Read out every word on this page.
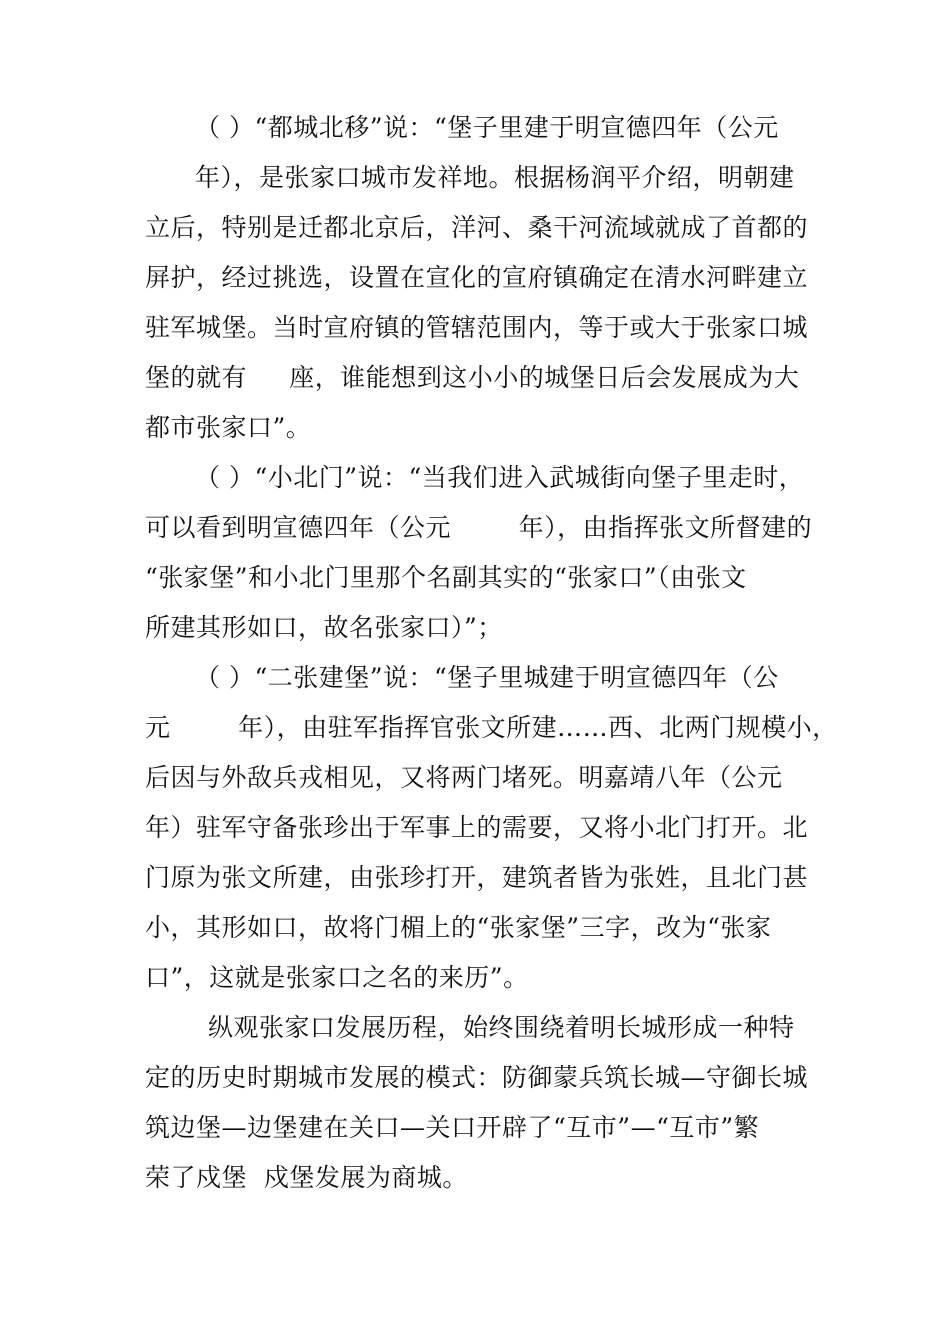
（ ）“都城北移”说：“堡子里建于明宣德四年（公元
年），是张家口城市发祥地。根据杨润平介绍，明朝建
立后，特别是迁都北京后，洋河、桑干河流域就成了首都的
屏护，经过挑选，设置在宣化的宣府镇确定在清水河畔建立
驻军城堡。当时宣府镇的管辖范围内，等于或大于张家口城
堡的就有     座，谁能想到这小小的城堡日后会发展成为大
都市张家口”。
（ ）“小北门”说：“当我们进入武城街向堡子里走时，
可以看到明宣德四年（公元        年），由指挥张文所督建的
“张家堡”和小北门里那个名副其实的“张家口”（由张文
所建其形如口，故名张家口）”；
（ ）“二张建堡”说：“堡子里城建于明宣德四年（公
元        年），由驻军指挥官张文所建……西、北两门规模小，
后因与外敌兵戎相见，又将两门堵死。明嘉靖八年（公元
年）驻军守备张珍出于军事上的需要，又将小北门打开。北
门原为张文所建，由张珍打开，建筑者皆为张姓，且北门甚
小，其形如口，故将门楣上的“张家堡”三字，改为“张家
口”，这就是张家口之名的来历”。
纵观张家口发展历程，始终围绕着明长城形成一种特
定的历史时期城市发展的模式：防御蒙兵筑长城—守御长城
筑边堡—边堡建在关口—关口开辟了“互市”—“互市”繁
荣了戍堡  戍堡发展为商城。
